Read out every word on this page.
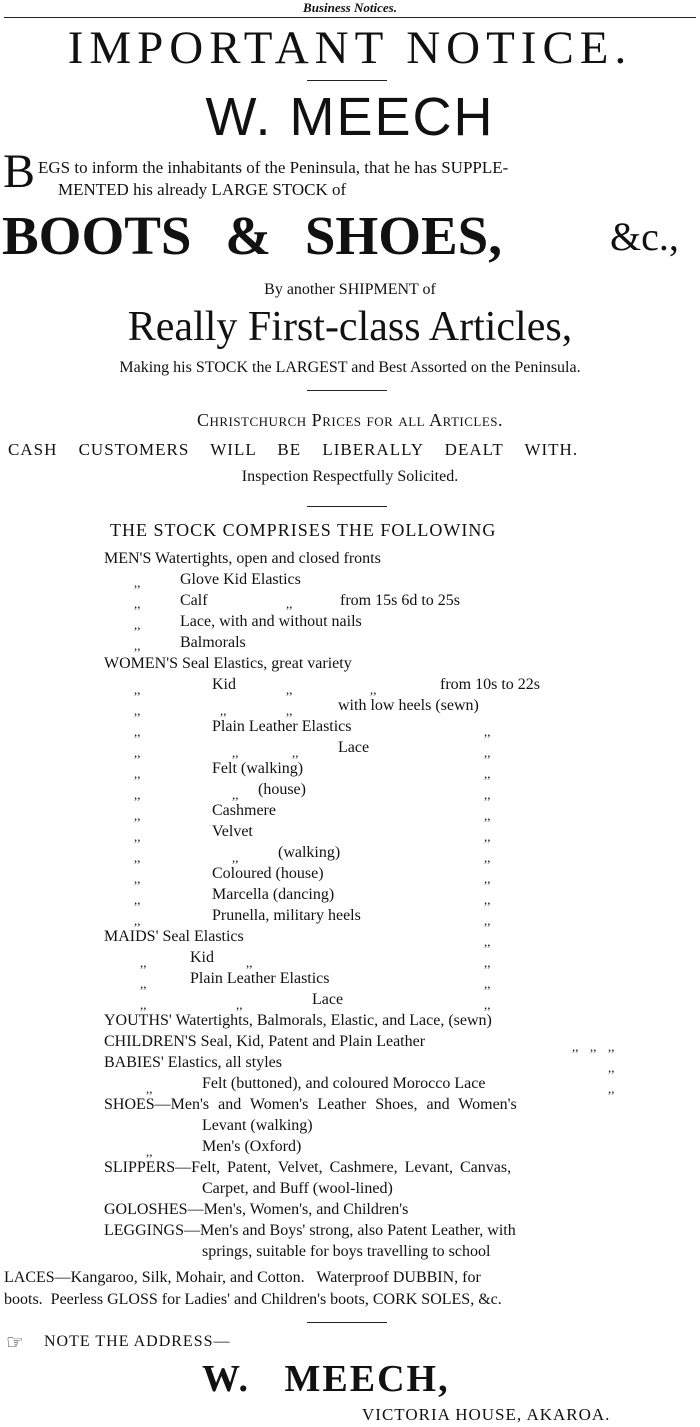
Business Notices.
IMPORTANT NOTICE.
W. MEECH
B EGS to inform the inhabitants of the Peninsula, that he has SUPPLE-
MENTED his already LARGE STOCK of
BOOTS & SHOES,	&c.,
By another SHIPMENT of
Really First-class Articles,
Making his STOCK the LARGEST and Best Assorted on the Peninsula.
Christchurch Prices for all Articles.
CASH CUSTOMERS WILL BE LIBERALLY DEALT WITH.
Inspection Respectfully Solicited.
THE STOCK COMPRISES THE FOLLOWING
MEN'S Watertights, open and closed fronts
,, Glove Kid Elastics
,, Calf	,,	from 15s 6d to 25s
,, Lace, with and without nails
,, Balmorals
WOMEN'S Seal Elastics, great variety
,,	Kid	,,	,,	from 10s to 22s
,,	,,	,,	with low heels (sewn)
,,	Plain Leather Elastics	,,
,,	,,	,, Lace	,,
,,	Felt (walking)	,,
,,	,, (house)	,,
,,	Cashmere	,,
,,	Velvet	,,
,,	,, (walking)	,,
,,	Coloured (house)	,,
,,	Marcella (dancing)	,,
,,	Prunella, military heels	,,
MAIDS' Seal Elastics	,,
,,	Kid ,,	,,
,,	Plain Leather Elastics	,,
,,	,,	Lace	,,
YOUTHS' Watertights, Balmorals, Elastic, and Lace, (sewn)
CHILDREN'S Seal, Kid, Patent and Plain Leather	,, ,, ,,
BABIES' Elastics, all styles	,,
,,	Felt (buttoned), and coloured Morocco Lace	,,
SHOES—Men's and Women's Leather Shoes, and Women's
Levant (walking)
,,	Men's (Oxford)
SLIPPERS—Felt, Patent, Velvet, Cashmere, Levant, Canvas,
Carpet, and Buff (wool-lined)
GOLOSHES—Men's, Women's, and Children's
LEGGINGS—Men's and Boys' strong, also Patent Leather, with
springs, suitable for boys travelling to school
LACES—Kangaroo, Silk, Mohair, and Cotton.   Waterproof DUBBIN, for
boots.  Peerless GLOSS for Ladies' and Children's boots, CORK SOLES, &c.
☞ NOTE THE ADDRESS—
W.   MEECH,
VICTORIA HOUSE, AKAROA.
